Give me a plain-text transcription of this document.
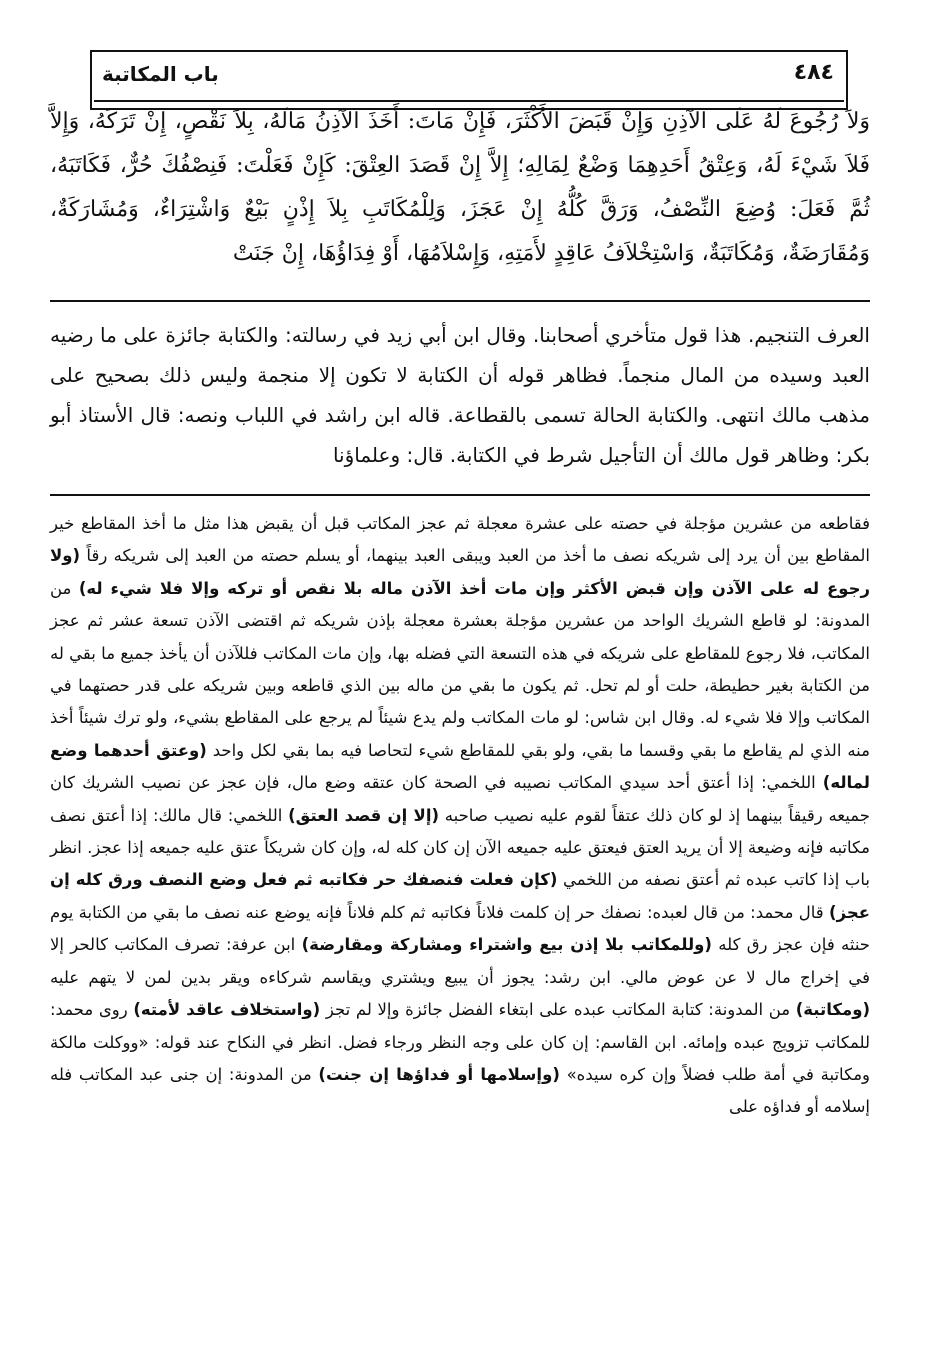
باب المكاتبة	٤٨٤
وَلاَ رُجُوعَ لَهُ عَلَى الآذِنِ وَإِنْ قَبَضَ الأَكْثَرَ، فَإِنْ مَاتَ: أَخَذَ الآذِنُ مَالَهُ، بِلاَ نَقْصٍ، إِنْ تَرَكَهُ، وَإِلاَّ فَلاَ شَيْءَ لَهُ، وَعِتْقُ أَحَدِهِمَا وَضْعٌ لِمَالِهِ؛ إِلاَّ إِنْ قَصَدَ العِتْقَ: كَإِنْ فَعَلْتَ: فَنِصْفُكَ حُرٌّ، فَكَاتَبَهُ، ثُمَّ فَعَلَ: وُضِعَ النِّصْفُ، وَرَقَّ كُلُّهُ إِنْ عَجَزَ، وَلِلْمُكَاتَبِ بِلاَ إِذْنٍ بَيْعٌ وَاشْتِرَاءٌ، وَمُشَارَكَةٌ، وَمُقَارَضَةٌ، وَمُكَاتَبَةٌ، وَاسْتِخْلاَفُ عَاقِدٍ لأَمَتِهِ، وَإِسْلاَمُهَا، أَوْ فِدَاؤُهَا، إِنْ جَنَتْ
العرف التنجيم. هذا قول متأخري أصحابنا. وقال ابن أبي زيد في رسالته: والكتابة جائزة على ما رضيه العبد وسيده من المال منجماً. فظاهر قوله أن الكتابة لا تكون إلا منجمة وليس ذلك بصحيح على مذهب مالك انتهى. والكتابة الحالة تسمى بالقطاعة. قاله ابن راشد في اللباب ونصه: قال الأستاذ أبو بكر: وظاهر قول مالك أن التأجيل شرط في الكتابة. قال: وعلماؤنا
فقاطعه من عشرين مؤجلة في حصته على عشرة معجلة ثم عجز المكاتب قبل أن يقبض هذا مثل ما أخذ المقاطع خير المقاطع بين أن يرد إلى شريكه نصف ما أخذ من العبد ويبقى العبد بينهما، أو يسلم حصته من العبد إلى شريكه رقاً (ولا رجوع له على الآذن وإن قبض الأكثر وإن مات أخذ الآذن ماله بلا نقص أو تركه وإلا فلا شيء له) من المدونة: لو قاطع الشريك الواحد من عشرين مؤجلة بعشرة معجلة بإذن شريكه ثم اقتضى الآذن تسعة عشر ثم عجز المكاتب، فلا رجوع للمقاطع على شريكه في هذه التسعة التي فضله بها، وإن مات المكاتب فللآذن أن يأخذ جميع ما بقي له من الكتابة بغير حطيطة، حلت أو لم تحل. ثم يكون ما بقي من ماله بين الذي قاطعه وبين شريكه على قدر حصتهما في المكاتب وإلا فلا شيء له. وقال ابن شاس: لو مات المكاتب ولم يدع شيئاً لم يرجع على المقاطع بشيء، ولو ترك شيئاً أخذ منه الذي لم يقاطع ما بقي وقسما ما بقي، ولو بقي للمقاطع شيء لتحاصا فيه بما بقي لكل واحد (وعتق أحدهما وضع لماله) اللخمي: إذا أعتق أحد سيدي المكاتب نصيبه في الصحة كان عتقه وضع مال، فإن عجز عن نصيب الشريك كان جميعه رقيقاً بينهما إذ لو كان ذلك عتقاً لقوم عليه نصيب صاحبه (إلا إن قصد العتق) اللخمي: قال مالك: إذا أعتق نصف مكاتبه فإنه وضيعة إلا أن يريد العتق فيعتق عليه جميعه الآن إن كان كله له، وإن كان شريكاً عتق عليه جميعه إذا عجز. انظر باب إذا كاتب عبده ثم أعتق نصفه من اللخمي (كإن فعلت فنصفك حر فكاتبه ثم فعل وضع النصف ورق كله إن عجز) قال محمد: من قال لعبده: نصفك حر إن كلمت فلاناً فكاتبه ثم كلم فلاناً فإنه يوضع عنه نصف ما بقي من الكتابة يوم حنثه فإن عجز رق كله (وللمكاتب بلا إذن بيع واشتراء ومشاركة ومقارضة) ابن عرفة: تصرف المكاتب كالحر إلا في إخراج مال لا عن عوض مالي. ابن رشد: يجوز أن يبيع ويشتري ويقاسم شركاءه ويقر بدين لمن لا يتهم عليه (ومكاتبة) من المدونة: كتابة المكاتب عبده على ابتغاء الفضل جائزة وإلا لم تجز (واستخلاف عاقد لأمته) روى محمد: للمكاتب تزويج عبده وإمائه. ابن القاسم: إن كان على وجه النظر ورجاء فضل. انظر في النكاح عند قوله: «ووكلت مالكة ومكاتبة في أمة طلب فضلاً وإن كره سيده» (وإسلامها أو فداؤها إن جنت) من المدونة: إن جنى عبد المكاتب فله إسلامه أو فداؤه على
